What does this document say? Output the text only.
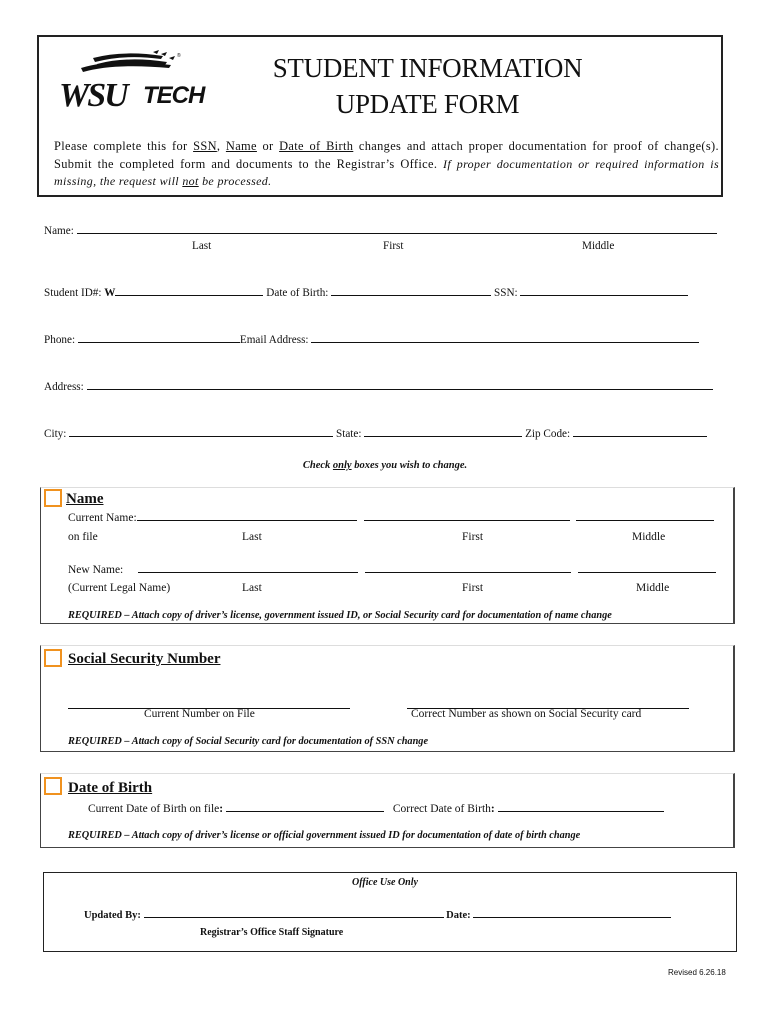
®
WSU TECH
STUDENT INFORMATION
UPDATE FORM
Please complete this for SSN, Name or Date of Birth changes and attach proper documentation for proof of change(s). Submit the completed form and documents to the Registrar’s Office. If proper documentation or required information is missing, the request will not be processed.
Name:
Last	First	Middle
Student ID#: W	Date of Birth:	SSN:
Phone:	Email Address:
Address:
City:	State:	Zip Code:
Check only boxes you wish to change.
Name
Current Name:
on file	Last	First	Middle
New Name:
(Current Legal Name)	Last	First	Middle
REQUIRED – Attach copy of driver’s license, government issued ID, or Social Security card for documentation of name change
Social Security Number
Current Number on File	Correct Number as shown on Social Security card
REQUIRED – Attach copy of Social Security card for documentation of SSN change
Date of Birth
Current Date of Birth on file:	Correct Date of Birth:
REQUIRED – Attach copy of driver’s license or official government issued ID for documentation of date of birth change
Office Use Only
Updated By:	Date:
Registrar’s Office Staff Signature
Revised 6.26.18
